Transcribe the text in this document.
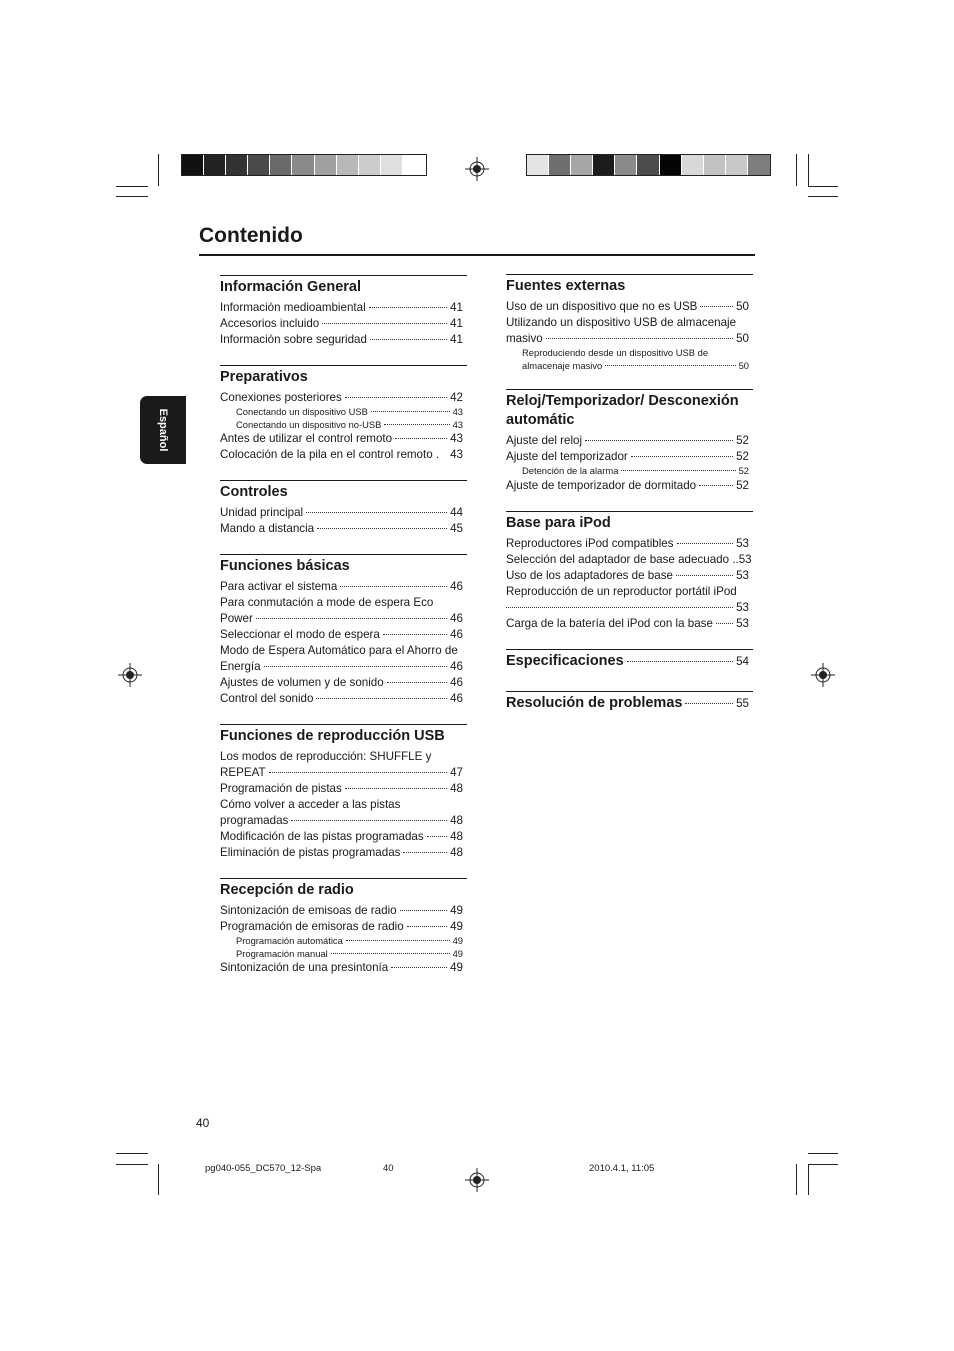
Contenido
Español
Información General
Información medioambiental	41
Accesorios incluido	41
Información sobre seguridad	41
Preparativos
Conexiones posteriores	42
Conectando un dispositivo USB	43
Conectando un dispositivo no-USB	43
Antes de utilizar el control remoto	43
Colocación de la pila en el control remoto . 43
Controles
Unidad principal	44
Mando a distancia	45
Funciones básicas
Para activar el sistema	46
Para conmutación a mode de espera Eco
Power	46
Seleccionar el modo de espera	46
Modo de Espera Automático para el Ahorro de
Energía	46
Ajustes de volumen y de sonido	46
Control del sonido	46
Funciones de reproducción USB
Los modos de reproducción: SHUFFLE y
REPEAT	47
Programación de pistas	48
Cómo volver a acceder a las pistas
programadas	48
Modificación de las pistas programadas 48
Eliminación de pistas programadas	48
Recepción de radio
Sintonización de emisoas de radio	49
Programación de emisoras de radio	49
Programación automática	49
Programación manual	49
Sintonización de una presintonía	49
Fuentes externas
Uso de un dispositivo que no es USB	50
Utilizando un dispositivo USB de almacenaje
masivo	50
Reproduciendo desde un dispositivo USB de
almacenaje masivo	50
Reloj/Temporizador/ Desconexión automátic
Ajuste del reloj	52
Ajuste del temporizador	52
Detención de la alarma	52
Ajuste de temporizador de dormitado	52
Base para iPod
Reproductores iPod compatibles	53
Selección del adaptador de base adecuado .. 53
Uso de los adaptadores de base	53
Reproducción de un reproductor portátil iPod
53
Carga de la batería del iPod con la base 53
Especificaciones	54
Resolución de problemas	55
40
pg040-055_DC570_12-Spa	40	2010.4.1, 11:05
